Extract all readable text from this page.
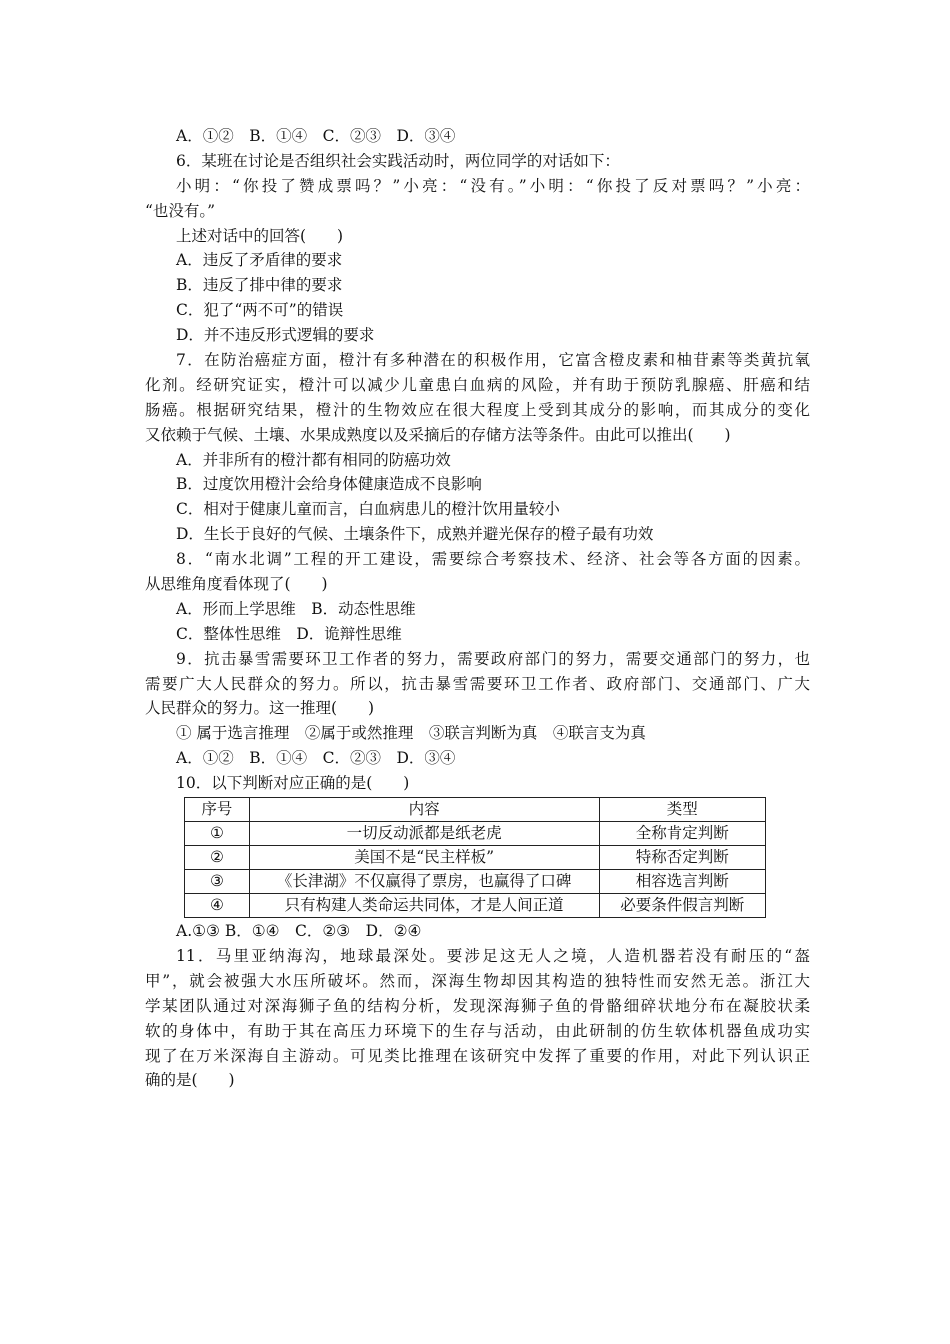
A．①②　B．①④　C．②③　D．③④
6．某班在讨论是否组织社会实践活动时，两位同学的对话如下：
小明：“你投了赞成票吗？”小亮：“没有。”小明：“你投了反对票吗？”小亮：
“也没有。”
上述对话中的回答(　　)
A．违反了矛盾律的要求
B．违反了排中律的要求
C．犯了“两不可”的错误
D．并不违反形式逻辑的要求
7．在防治癌症方面，橙汁有多种潜在的积极作用，它富含橙皮素和柚苷素等类黄抗氧
化剂。经研究证实，橙汁可以减少儿童患白血病的风险，并有助于预防乳腺癌、肝癌和结
肠癌。根据研究结果，橙汁的生物效应在很大程度上受到其成分的影响，而其成分的变化
又依赖于气候、土壤、水果成熟度以及采摘后的存储方法等条件。由此可以推出(　　)
A．并非所有的橙汁都有相同的防癌功效
B．过度饮用橙汁会给身体健康造成不良影响
C．相对于健康儿童而言，白血病患儿的橙汁饮用量较小
D．生长于良好的气候、土壤条件下，成熟并避光保存的橙子最有功效
8．“南水北调”工程的开工建设，需要综合考察技术、经济、社会等各方面的因素。
从思维角度看体现了(　　)
A．形而上学思维　B．动态性思维
C．整体性思维　D．诡辩性思维
9．抗击暴雪需要环卫工作者的努力，需要政府部门的努力，需要交通部门的努力，也
需要广大人民群众的努力。所以，抗击暴雪需要环卫工作者、政府部门、交通部门、广大
人民群众的努力。这一推理(　　)
① 属于选言推理　②属于或然推理　③联言判断为真　④联言支为真
A．①②　B．①④　C．②③　D．③④
10．以下判断对应正确的是(　　)
序号	内容	类型
①	一切反动派都是纸老虎	全称肯定判断
②	美国不是“民主样板”	特称否定判断
③	《长津湖》不仅赢得了票房，也赢得了口碑	相容选言判断
④	只有构建人类命运共同体，才是人间正道	必要条件假言判断
A.①③ B．①④　C．②③　D．②④
11．马里亚纳海沟，地球最深处。要涉足这无人之境，人造机器若没有耐压的“盔
甲”，就会被强大水压所破坏。然而，深海生物却因其构造的独特性而安然无恙。浙江大
学某团队通过对深海狮子鱼的结构分析，发现深海狮子鱼的骨骼细碎状地分布在凝胶状柔
软的身体中，有助于其在高压力环境下的生存与活动，由此研制的仿生软体机器鱼成功实
现了在万米深海自主游动。可见类比推理在该研究中发挥了重要的作用，对此下列认识正
确的是(　　)
